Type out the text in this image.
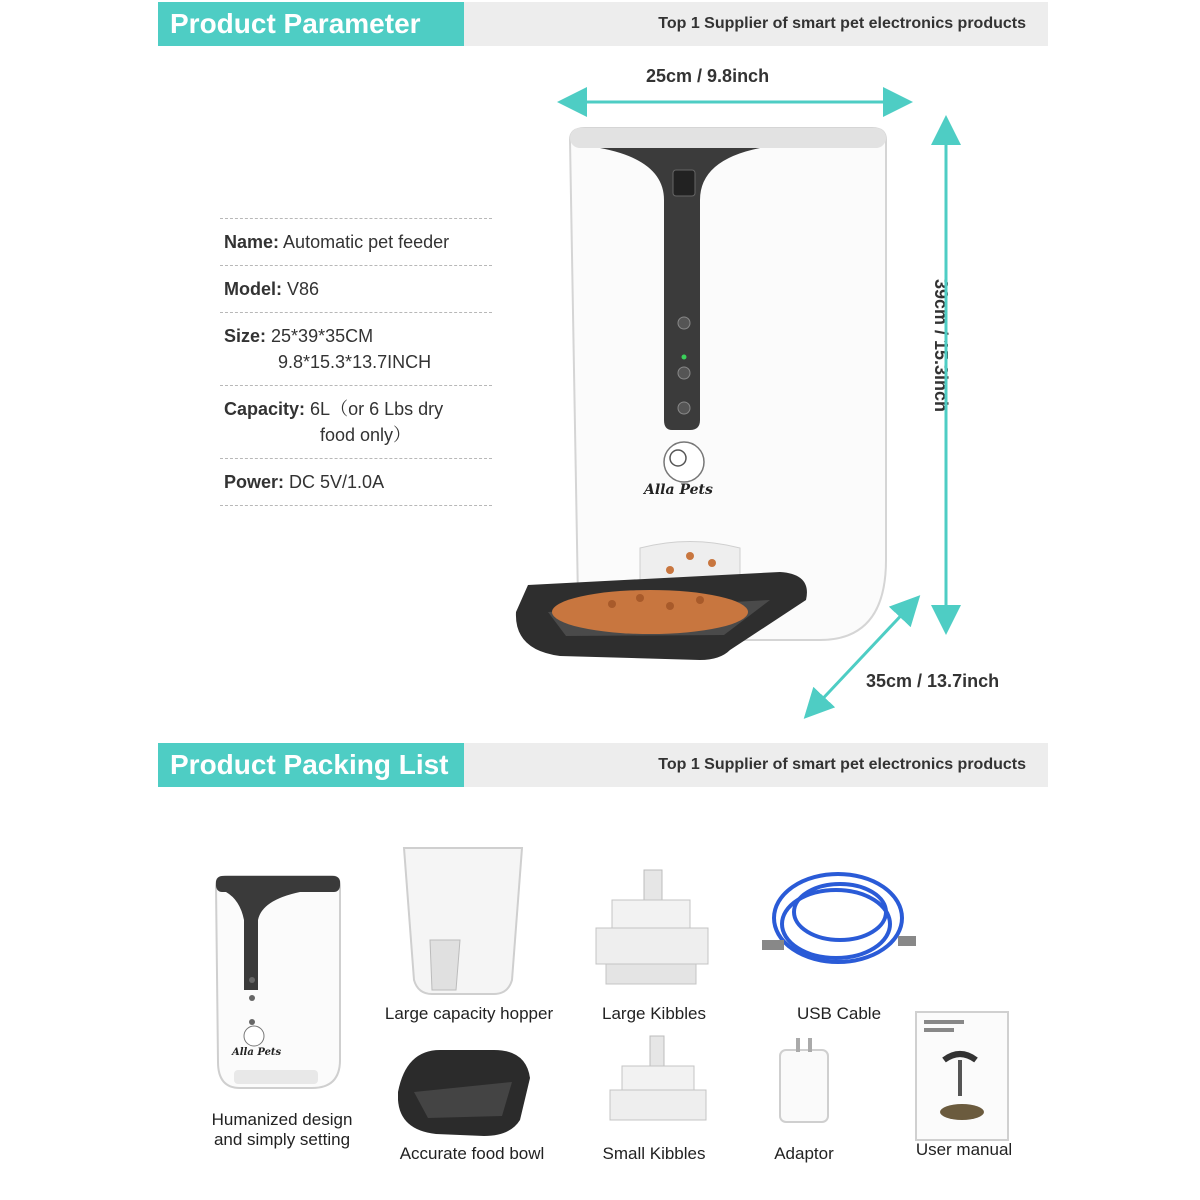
Product Parameter	Top 1 Supplier of smart pet electronics products
25cm / 9.8inch
39cm / 15.3inch
35cm / 13.7inch
Alla Pets
Name: Automatic pet feeder
Model: V86
Size: 25*39*35CM
9.8*15.3*13.7INCH
Capacity: 6L（or 6 Lbs dry
food only）
Power: DC 5V/1.0A
Product Packing List	Top 1 Supplier of smart pet electronics products
Alla Pets
Humanized design
and simply setting
Large capacity hopper	Large Kibbles	USB Cable
Accurate food bowl	Small Kibbles	Adaptor	User manual
